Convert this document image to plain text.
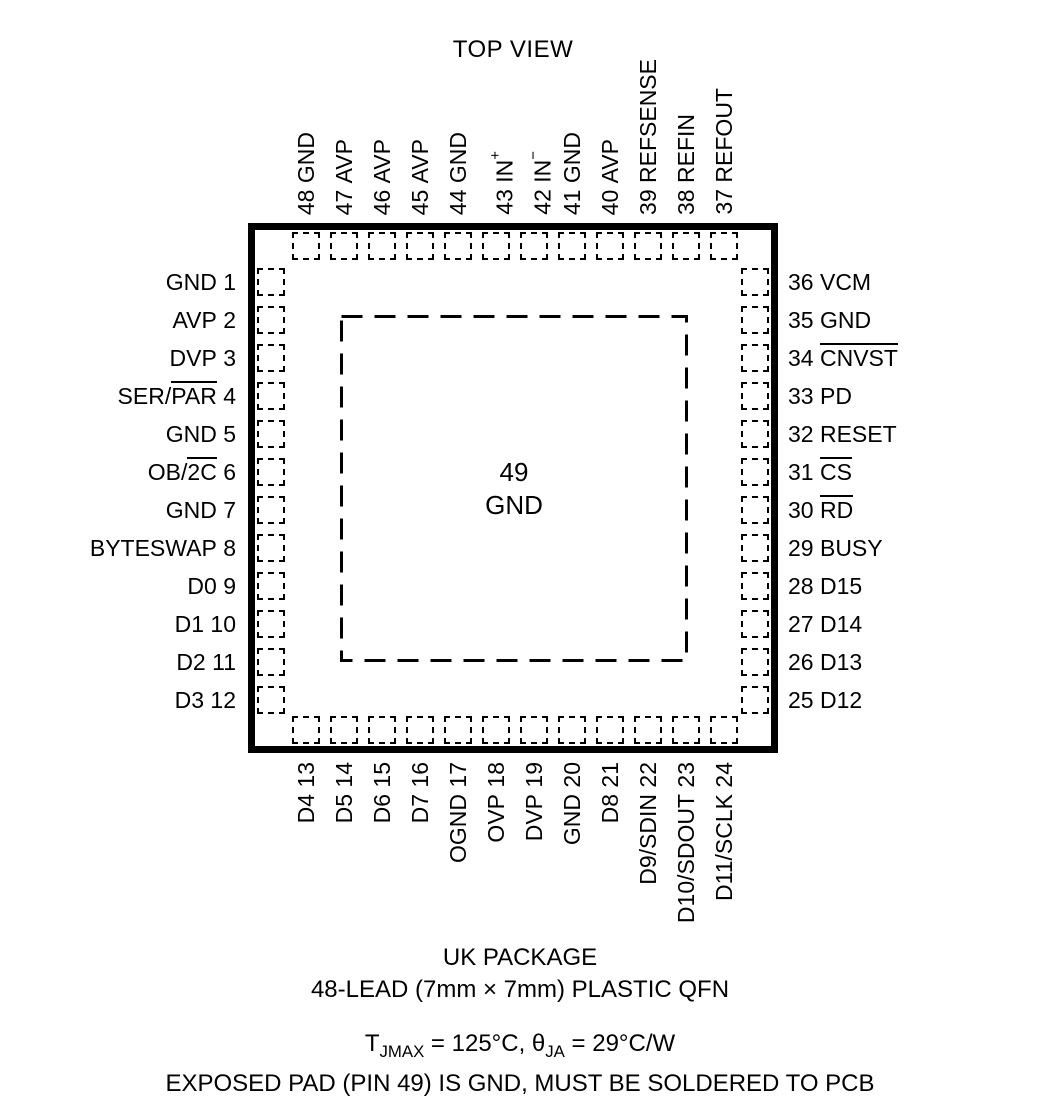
TOP VIEW
48 GND
47 AVP
46 AVP
45 AVP
44 GND
43 IN+
42 IN−
41 GND
40 AVP
39 REFSENSE
38 REFIN
37 REFOUT
GND 1
AVP 2
DVP 3
SER/PAR 4
GND 5
OB/2C 6
GND 7
BYTESWAP 8
D0 9
D1 10
D2 11
D3 12
36 VCM
35 GND
34 CNVST
33 PD
32 RESET
31 CS
30 RD
29 BUSY
28 D15
27 D14
26 D13
25 D12
D4 13
D5 14
D6 15
D7 16
OGND 17
OVP 18
DVP 19
GND 20
D8 21
D9/SDIN 22
D10/SDOUT 23
D11/SCLK 24
49
GND
UK PACKAGE
48-LEAD (7mm × 7mm) PLASTIC QFN
$T_{JMAX} = 125^\circ C$, $\theta_{JA} = 29^\circ C/W$
EXPOSED PAD (PIN 49) IS GND, MUST BE SOLDERED TO PCB
